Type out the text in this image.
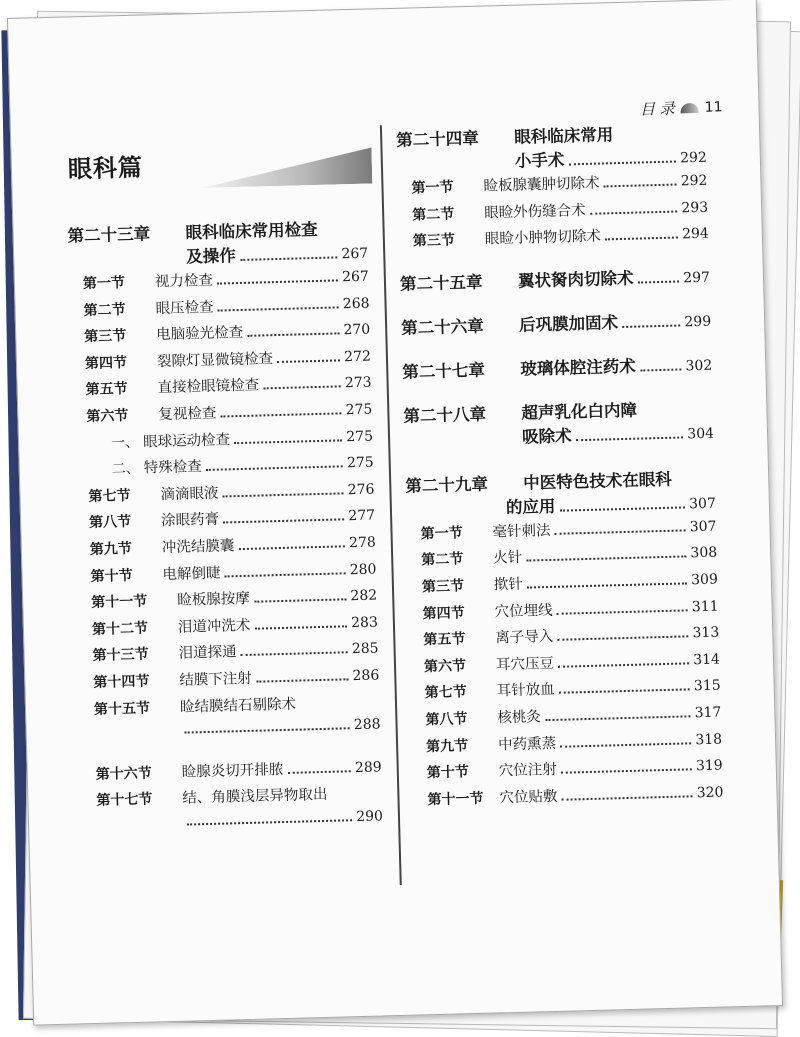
目 录 11
眼科篇
第二十三章	眼科临床常用检查
及操作	267
第一节	视力检查	267
第二节	眼压检查	268
第三节	电脑验光检查	270
第四节	裂隙灯显微镜检查	272
第五节	直接检眼镜检查	273
第六节	复视检查	275
一、 眼球运动检查	275
二、 特殊检查	275
第七节	滴滴眼液	276
第八节	涂眼药膏	277
第九节	冲洗结膜囊	278
第十节	电解倒睫	280
第十一节	睑板腺按摩	282
第十二节	泪道冲洗术	283
第十三节	泪道探通	285
第十四节	结膜下注射	286
第十五节	睑结膜结石剔除术
288
第十六节	睑腺炎切开排脓	289
第十七节	结、角膜浅层异物取出
290
第二十四章	眼科临床常用
小手术	292
第一节	睑板腺囊肿切除术	292
第二节	眼睑外伤缝合术	293
第三节	眼睑小肿物切除术	294
第二十五章	翼状胬肉切除术	297
第二十六章	后巩膜加固术	299
第二十七章	玻璃体腔注药术	302
第二十八章	超声乳化白内障
吸除术	304
第二十九章	中医特色技术在眼科
的应用	307
第一节	毫针刺法	307
第二节	火针	308
第三节	揿针	309
第四节	穴位埋线	311
第五节	离子导入	313
第六节	耳穴压豆	314
第七节	耳针放血	315
第八节	核桃灸	317
第九节	中药熏蒸	318
第十节	穴位注射	319
第十一节	穴位贴敷	320
